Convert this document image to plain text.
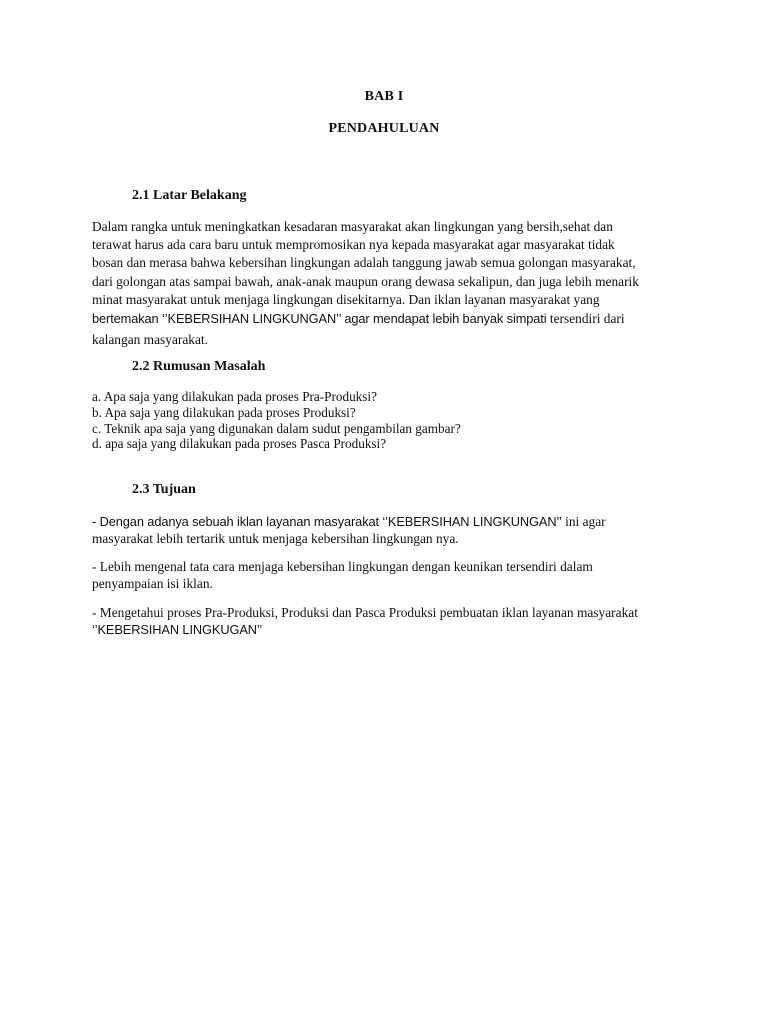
BAB I
PENDAHULUAN
2.1 Latar Belakang
Dalam rangka untuk meningkatkan kesadaran masyarakat akan lingkungan yang bersih,sehat dan
terawat harus ada cara baru untuk mempromosikan nya kepada masyarakat agar masyarakat tidak
bosan dan merasa bahwa kebersihan lingkungan adalah tanggung jawab semua golongan masyarakat,
dari golongan atas sampai bawah, anak-anak maupun orang dewasa sekalipun, dan juga lebih menarik
minat masyarakat untuk menjaga lingkungan disekitarnya. Dan iklan layanan masyarakat yang
bertemakan ‘’KEBERSIHAN LINGKUNGAN’’ agar mendapat lebih banyak simpati tersendiri dari
kalangan masyarakat.
2.2 Rumusan Masalah
a. Apa saja yang dilakukan pada proses Pra-Produksi?
b. Apa saja yang dilakukan pada proses Produksi?
c. Teknik apa saja yang digunakan dalam sudut pengambilan gambar?
d. apa saja yang dilakukan pada proses Pasca Produksi?
2.3 Tujuan
- Dengan adanya sebuah iklan layanan masyarakat ‘’KEBERSIHAN LINGKUNGAN’’ ini agar
masyarakat lebih tertarik untuk menjaga kebersihan lingkungan nya.
- Lebih mengenal tata cara menjaga kebersihan lingkungan dengan keunikan tersendiri dalam
penyampaian isi iklan.
- Mengetahui proses Pra-Produksi, Produksi dan Pasca Produksi pembuatan iklan layanan masyarakat
‘’KEBERSIHAN LINGKUGAN’’
